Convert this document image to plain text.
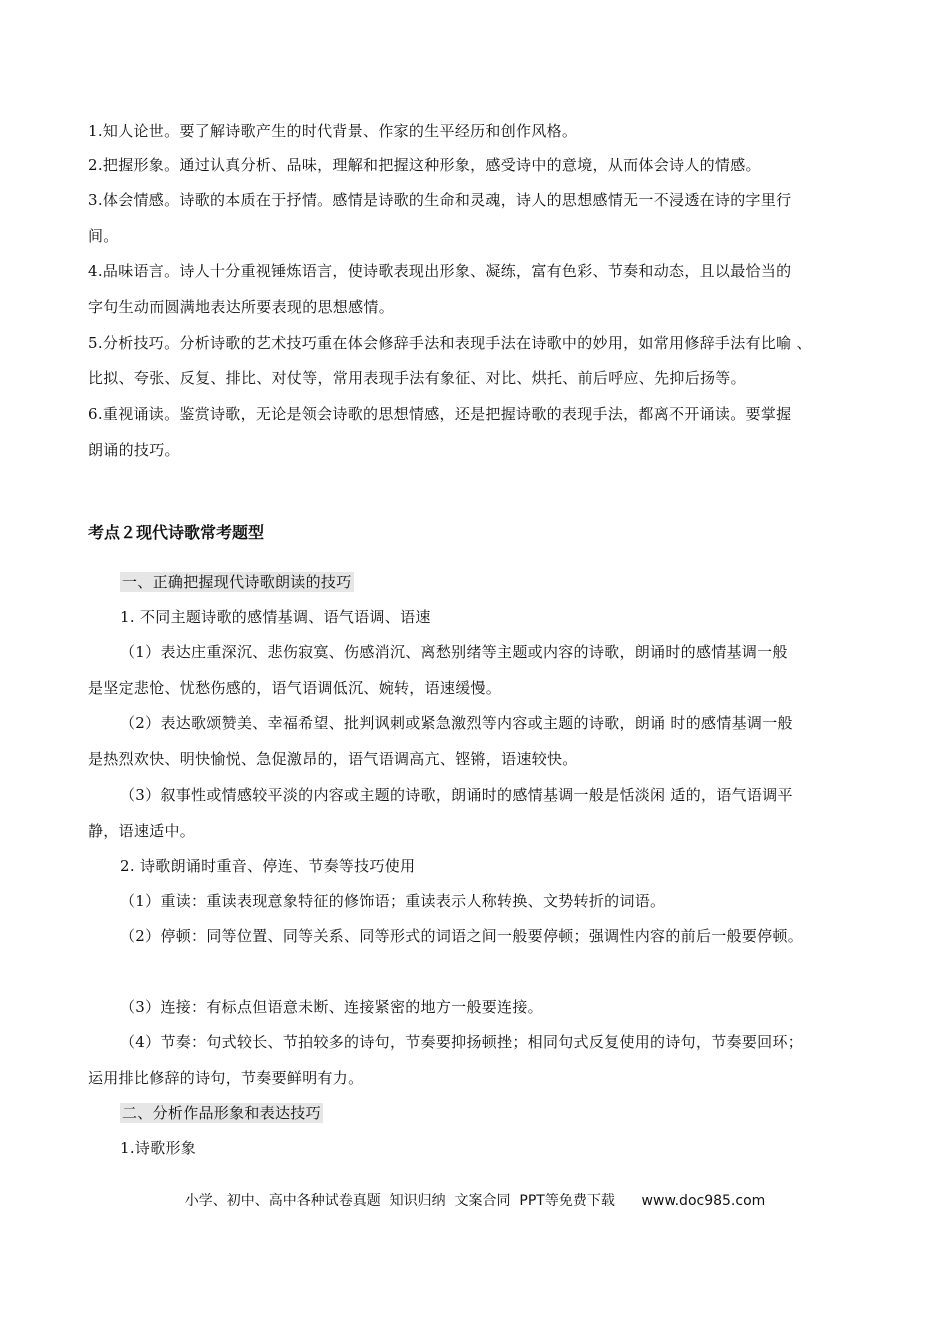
1.知人论世。要了解诗歌产生的时代背景、作家的生平经历和创作风格。
2.把握形象。通过认真分析、品味，理解和把握这种形象，感受诗中的意境，从而体会诗人的情感。
3.体会情感。诗歌的本质在于抒情。感情是诗歌的生命和灵魂，诗人的思想感情无一不浸透在诗的字里行
间。
4.品味语言。诗人十分重视锤炼语言，使诗歌表现出形象、凝练，富有色彩、节奏和动态，且以最恰当的
字句生动而圆满地表达所要表现的思想感情。
5.分析技巧。分析诗歌的艺术技巧重在体会修辞手法和表现手法在诗歌中的妙用，如常用修辞手法有比喻 、
比拟、夸张、反复、排比、对仗等，常用表现手法有象征、对比、烘托、前后呼应、先抑后扬等。
6.重视诵读。鉴赏诗歌，无论是领会诗歌的思想情感，还是把握诗歌的表现手法，都离不开诵读。要掌握
朗诵的技巧。
考点２现代诗歌常考题型
一、正确把握现代诗歌朗读的技巧
1. 不同主题诗歌的感情基调、语气语调、语速
（1）表达庄重深沉、悲伤寂寞、伤感消沉、离愁别绪等主题或内容的诗歌，朗诵时的感情基调一般
是坚定悲怆、忧愁伤感的，语气语调低沉、婉转，语速缓慢。
（2）表达歌颂赞美、幸福希望、批判讽刺或紧急激烈等内容或主题的诗歌，朗诵 时的感情基调一般
是热烈欢快、明快愉悦、急促激昂的，语气语调高亢、铿锵，语速较快。
（3）叙事性或情感较平淡的内容或主题的诗歌，朗诵时的感情基调一般是恬淡闲 适的，语气语调平
静，语速适中。
2. 诗歌朗诵时重音、停连、节奏等技巧使用
（1）重读：重读表现意象特征的修饰语；重读表示人称转换、文势转折的词语。
（2）停顿：同等位置、同等关系、同等形式的词语之间一般要停顿；强调性内容的前后一般要停顿。
（3）连接：有标点但语意未断、连接紧密的地方一般要连接。
（4）节奏：句式较长、节拍较多的诗句，节奏要抑扬顿挫；相同句式反复使用的诗句，节奏要回环；
运用排比修辞的诗句，节奏要鲜明有力。
二、分析作品形象和表达技巧
1.诗歌形象
小学、初中、高中各种试卷真题  知识归纳  文案合同  PPT等免费下载      www.doc985.com
